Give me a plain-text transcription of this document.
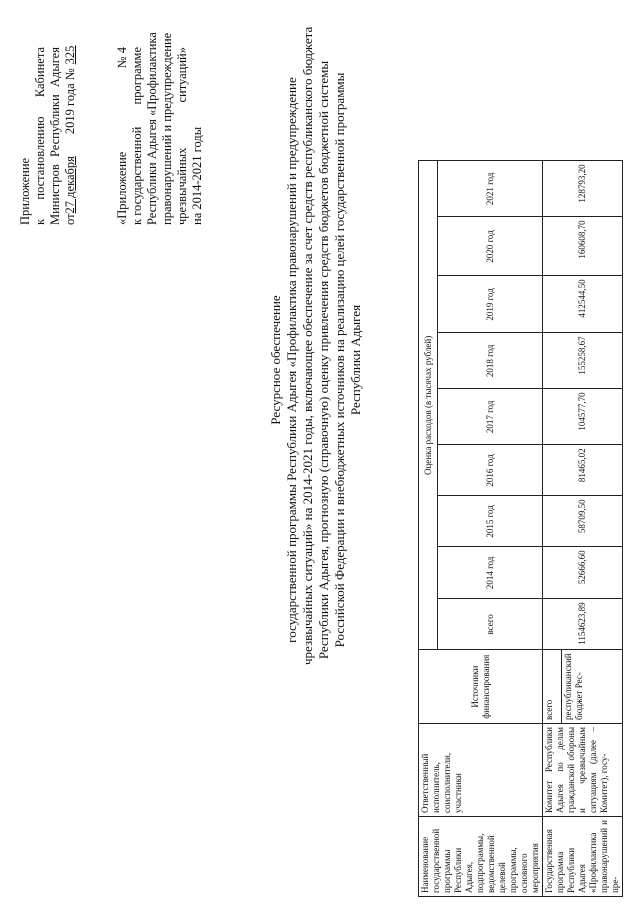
Приложение к
постановлению
Кабинета
Министров
Республики
Адыгея
от
27 декабря
2019 года №
325
«Приложение
№ 4
к государственной
программе Республики Адыгея «Профилактика правонарушений и предупреждение чрезвычайных
ситуаций»
на 2014-2021 годы
Ресурсное обеспечение государственной программы Республики Адыгея «Профилактика правонарушений и предупреждение чрезвычайных ситуаций» на 2014-2021 годы, включающее обеспечение за счет средств республиканского бюджета Республики Адыгея, прогнозную (справочную) оценку привлечения средств бюджетов бюджетной системы Российской Федерации и внебюджетных источников на реализацию целей государственной программы Республики Адыгея
Наименование государственной программы Республики Адыгея, подпрограммы, ведомственной целевой программы, основного мероприятия	Ответственный исполнитель, соисполнители, участники	Источники финансирования	Оценка расходов (в тысячах рублей)								
			всего	2014 год	2015 год	2016 год	2017 год	2018 год	2019 год	2020 год	2021 год
Государственная программа Республики Адыгея «Профилактика правонарушений и пре-	Комитет Республики Адыгея по делам гражданской обороны и чрезвычайным ситуациям (далее – Комитет), госу-	всего	1154623,89	52666,60	58709,50	81465,02	104577,70	155258,67	412544,50	160608,70	128793,20
		республиканский бюджет Рес-									
